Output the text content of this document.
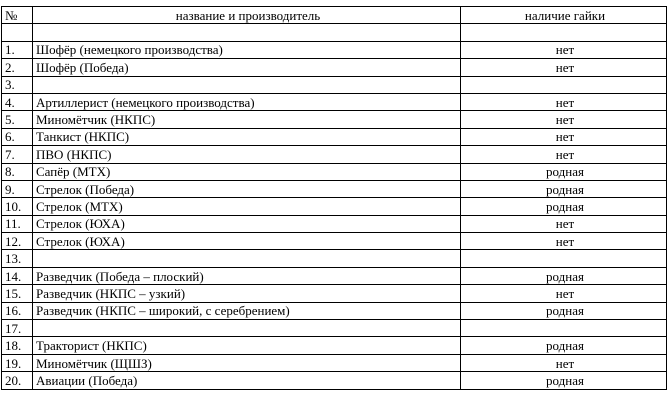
№	название и производитель	наличие гайки

1.	Шофёр (немецкого производства)	нет
2.	Шофёр (Победа)	нет
3.		
4.	Артиллерист (немецкого производства)	нет
5.	Миномётчик (НКПС)	нет
6.	Танкист (НКПС)	нет
7.	ПВО (НКПС)	нет
8.	Сапёр (МТХ)	родная
9.	Стрелок (Победа)	родная
10.	Стрелок (МТХ)	родная
11.	Стрелок (ЮХА)	нет
12.	Стрелок (ЮХА)	нет
13.		
14.	Разведчик (Победа – плоский)	родная
15.	Разведчик (НКПС – узкий)	нет
16.	Разведчик (НКПС – широкий, с серебрением)	родная
17.		
18.	Тракторист (НКПС)	родная
19.	Миномётчик (ЩШЗ)	нет
20.	Авиации (Победа)	родная
